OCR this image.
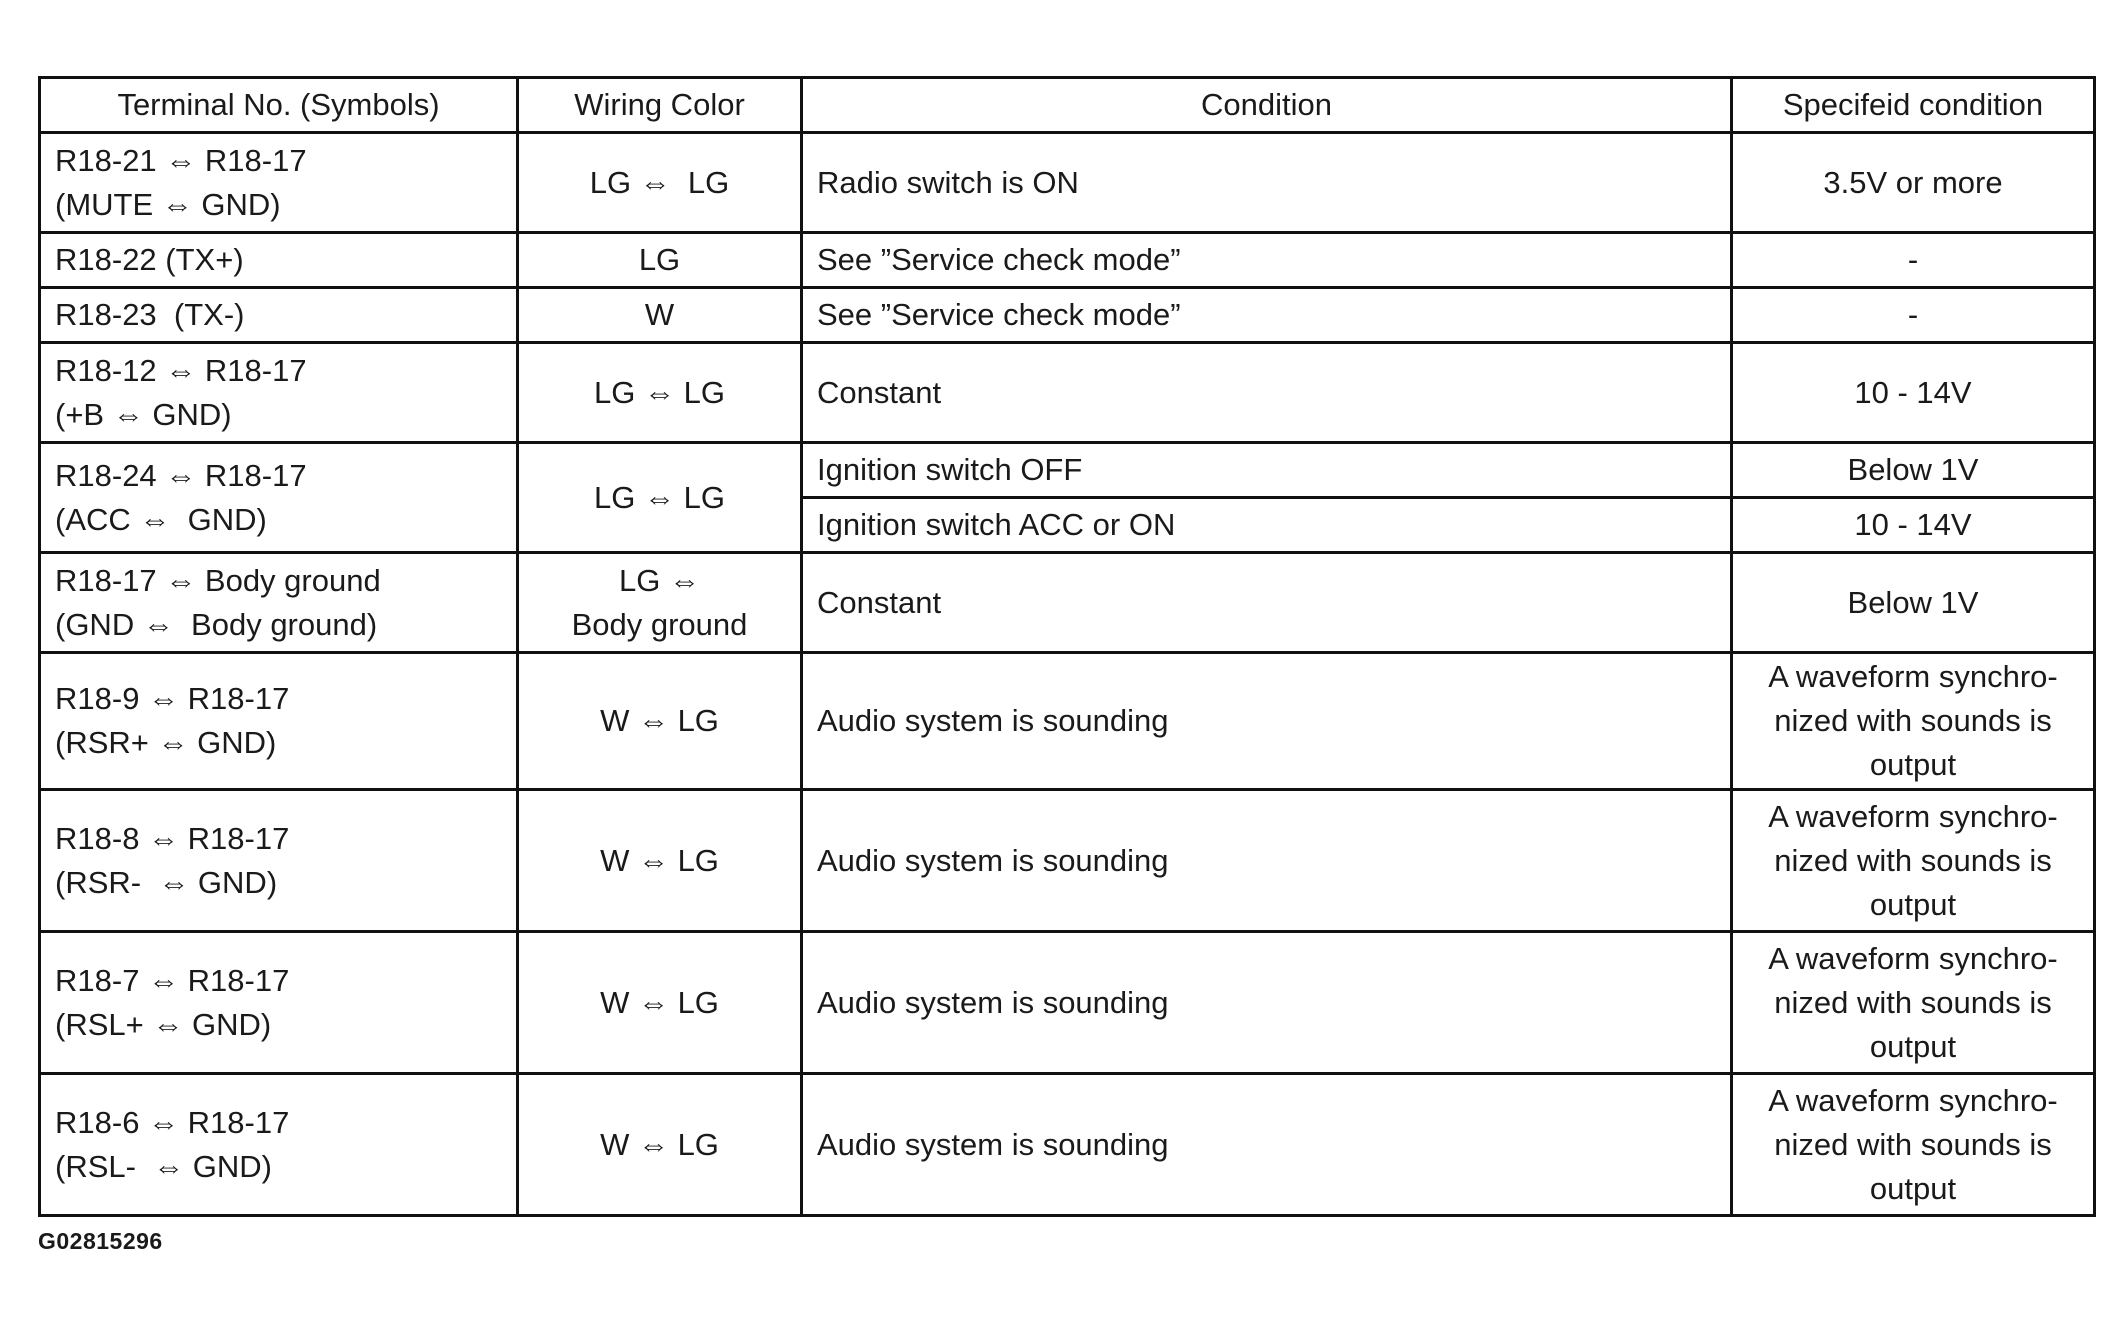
Terminal No. (Symbols)	Wiring Color	Condition	Specifeid condition

R18-21 ⇔ R18-17
(MUTE ⇔ GND)	LG ⇔  LG	Radio switch is ON	3.5V or more

R18-22 (TX+)	LG	See ”Service check mode”	-

R18-23  (TX-)	W	See ”Service check mode”	-

R18-12 ⇔ R18-17
(+B ⇔ GND)	LG ⇔ LG	Constant	10 - 14V

R18-24 ⇔ R18-17
(ACC ⇔  GND)	LG ⇔ LG	Ignition switch OFF	Below 1V
		Ignition switch ACC or ON	10 - 14V

R18-17 ⇔ Body ground
(GND ⇔  Body ground)	LG ⇔
Body ground	Constant	Below 1V

R18-9 ⇔ R18-17
(RSR+ ⇔ GND)	W ⇔ LG	Audio system is sounding	A waveform synchro-nized with sounds is output

R18-8 ⇔ R18-17
(RSR-  ⇔ GND)	W ⇔ LG	Audio system is sounding	A waveform synchro-nized with sounds is output

R18-7 ⇔ R18-17
(RSL+ ⇔ GND)	W ⇔ LG	Audio system is sounding	A waveform synchro-nized with sounds is output

R18-6 ⇔ R18-17
(RSL-  ⇔ GND)	W ⇔ LG	Audio system is sounding	A waveform synchro-nized with sounds is output
G02815296
